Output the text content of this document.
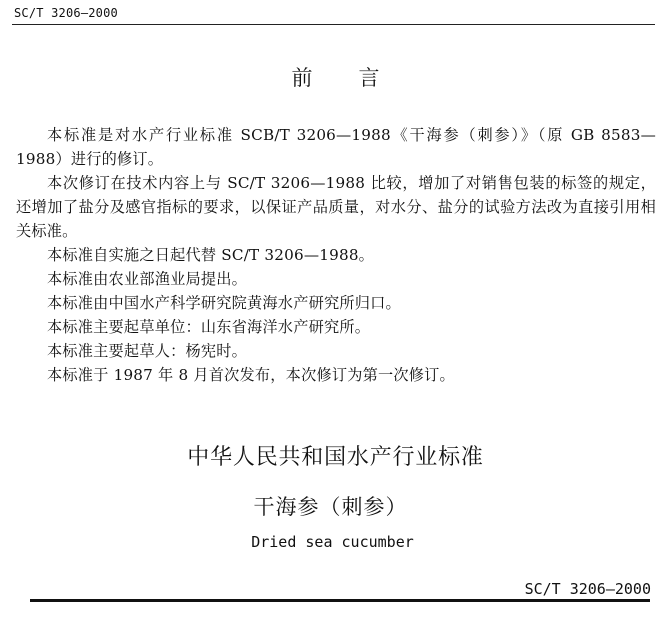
SC/T 3206—2000
前 言

本标准是对水产行业标准 SCB/T 3206—1988《干海参（刺参）》（原 GB 8583—1988）进行的修订。

本次修订在技术内容上与 SC/T 3206—1988 比较，增加了对销售包装的标签的规定，还增加了盐分及感官指标的要求，以保证产品质量，对水分、盐分的试验方法改为直接引用相关标准。

本标准自实施之日起代替 SC/T 3206—1988。

本标准由农业部渔业局提出。

本标准由中国水产科学研究院黄海水产研究所归口。

本标准主要起草单位：山东省海洋水产研究所。

本标准主要起草人：杨宪时。

本标准于 1987 年 8 月首次发布，本次修订为第一次修订。

中华人民共和国水产行业标准
干海参（刺参）
Dried sea cucumber
SC/T 3206—2000
